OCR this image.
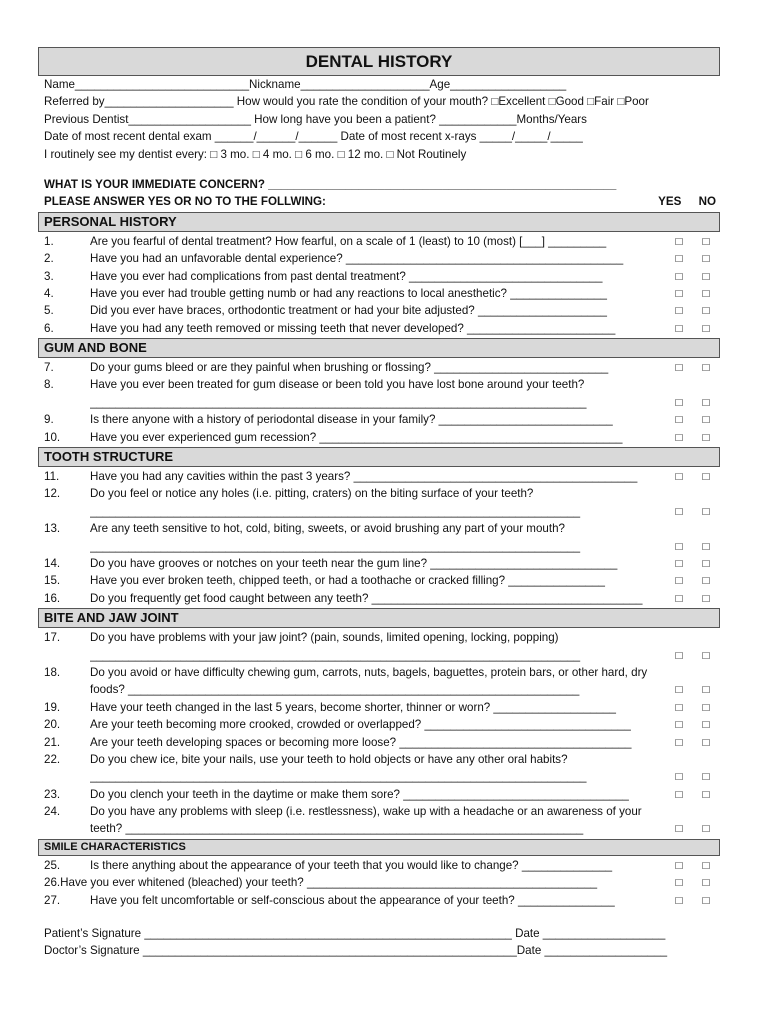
DENTAL HISTORY
Name___________________________Nickname____________________Age__________________
Referred by____________________ How would you rate the condition of your mouth? □Excellent □Good □Fair □Poor
Previous Dentist___________________ How long have you been a patient? ____________Months/Years
Date of most recent dental exam ______/______/______ Date of most recent x-rays _____/_____/_____
I routinely see my dentist every: □ 3 mo. □ 4 mo. □ 6 mo. □ 12 mo. □ Not Routinely
WHAT IS YOUR IMMEDIATE CONCERN? ______________________________________________________
PLEASE ANSWER YES OR NO TO THE FOLLWING:	YES NO
PERSONAL HISTORY
1.	Are you fearful of dental treatment? How fearful, on a scale of 1 (least) to 10 (most) [___] _________	□	□
2.	Have you had an unfavorable dental experience? ___________________________________________	□	□
3.	Have you ever had complications from past dental treatment? ______________________________	□	□
4.	Have you ever had trouble getting numb or had any reactions to local anesthetic? _______________	□	□
5.	Did you ever have braces, orthodontic treatment or had your bite adjusted? ____________________	□	□
6.	Have you had any teeth removed or missing teeth that never developed? _______________________	□	□
GUM AND BONE
7.	Do your gums bleed or are they painful when brushing or flossing? ___________________________	□	□
8.	Have you ever been treated for gum disease or been told you have lost bone around your teeth?
_____________________________________________________________________________	□	□
9.	Is there anyone with a history of periodontal disease in your family? ___________________________	□	□
10.	Have you ever experienced gum recession? _______________________________________________	□	□
TOOTH STRUCTURE
11.	Have you had any cavities within the past 3 years? ____________________________________________	□	□
12.	Do you feel or notice any holes (i.e. pitting, craters) on the biting surface of your teeth?
____________________________________________________________________________	□	□
13.	Are any teeth sensitive to hot, cold, biting, sweets, or avoid brushing any part of your mouth?
____________________________________________________________________________	□	□
14.	Do you have grooves or notches on your teeth near the gum line? _____________________________	□	□
15.	Have you ever broken teeth, chipped teeth, or had a toothache or cracked filling? _______________	□	□
16.	Do you frequently get food caught between any teeth? __________________________________________	□	□
BITE AND JAW JOINT
17.	Do you have problems with your jaw joint? (pain, sounds, limited opening, locking, popping)
____________________________________________________________________________	□	□
18.	Do you avoid or have difficulty chewing gum, carrots, nuts, bagels, baguettes, protein bars, or other hard, dry
foods? ______________________________________________________________________	□	□
19.	Have your teeth changed in the last 5 years, become shorter, thinner or worn? ___________________	□	□
20.	Are your teeth becoming more crooked, crowded or overlapped? ________________________________	□	□
21.	Are your teeth developing spaces or becoming more loose? ____________________________________	□	□
22.	Do you chew ice, bite your nails, use your teeth to hold objects or have any other oral habits?
_____________________________________________________________________________	□	□
23.	Do you clench your teeth in the daytime or make them sore? ___________________________________	□	□
24.	Do you have any problems with sleep (i.e. restlessness), wake up with a headache or an awareness of your
teeth? _______________________________________________________________________	□	□
SMILE CHARACTERISTICS
25.	Is there anything about the appearance of your teeth that you would like to change? ______________	□	□
26. Have you ever whitened (bleached) your teeth? _____________________________________________	□	□
27.	Have you felt uncomfortable or self-conscious about the appearance of your teeth? _______________	□	□
Patient’s Signature _________________________________________________________ Date ___________________
Doctor’s Signature __________________________________________________________Date ___________________
